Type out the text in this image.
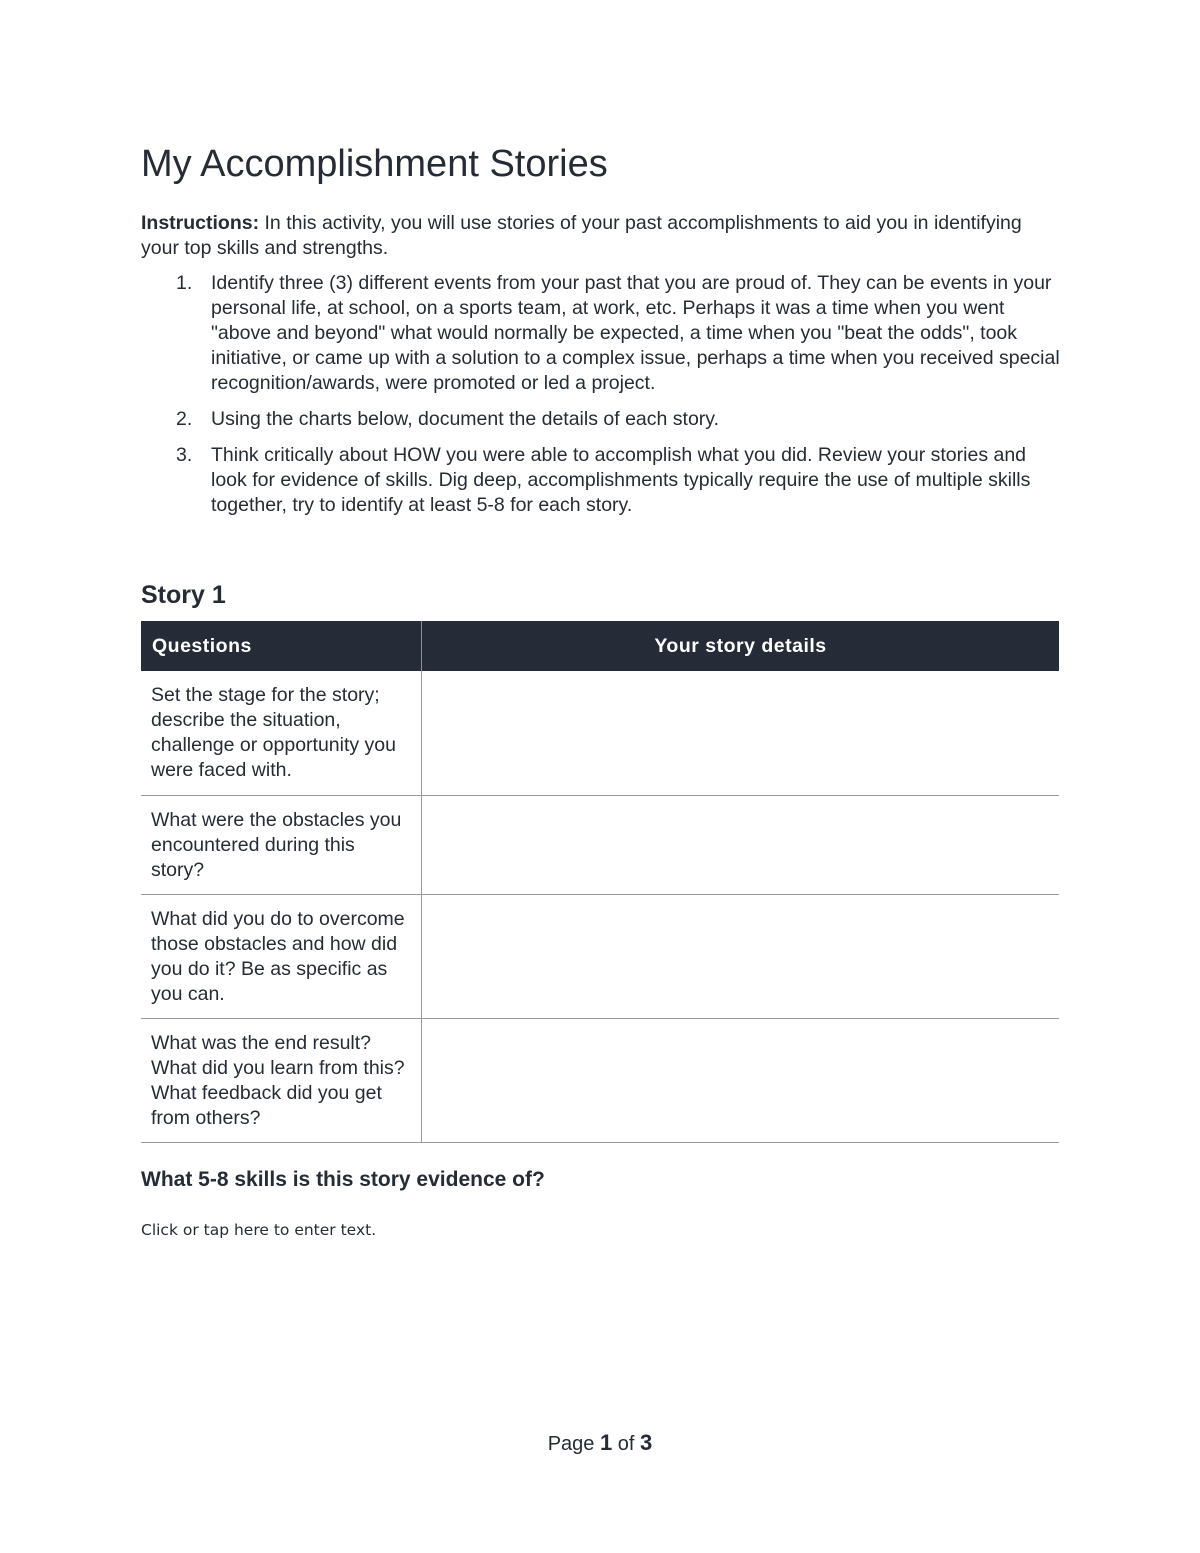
My Accomplishment Stories
Instructions: In this activity, you will use stories of your past accomplishments to aid you in identifying your top skills and strengths.
1. Identify three (3) different events from your past that you are proud of. They can be events in your personal life, at school, on a sports team, at work, etc. Perhaps it was a time when you went "above and beyond" what would normally be expected, a time when you "beat the odds", took initiative, or came up with a solution to a complex issue, perhaps a time when you received special recognition/awards, were promoted or led a project.
2. Using the charts below, document the details of each story.
3. Think critically about HOW you were able to accomplish what you did. Review your stories and look for evidence of skills. Dig deep, accomplishments typically require the use of multiple skills together, try to identify at least 5-8 for each story.
Story 1
Questions	Your story details
Set the stage for the story; describe the situation, challenge or opportunity you were faced with.	
What were the obstacles you encountered during this story?	
What did you do to overcome those obstacles and how did you do it? Be as specific as you can.	
What was the end result? What did you learn from this? What feedback did you get from others?	
What 5-8 skills is this story evidence of?
Click or tap here to enter text.
Page 1 of 3
